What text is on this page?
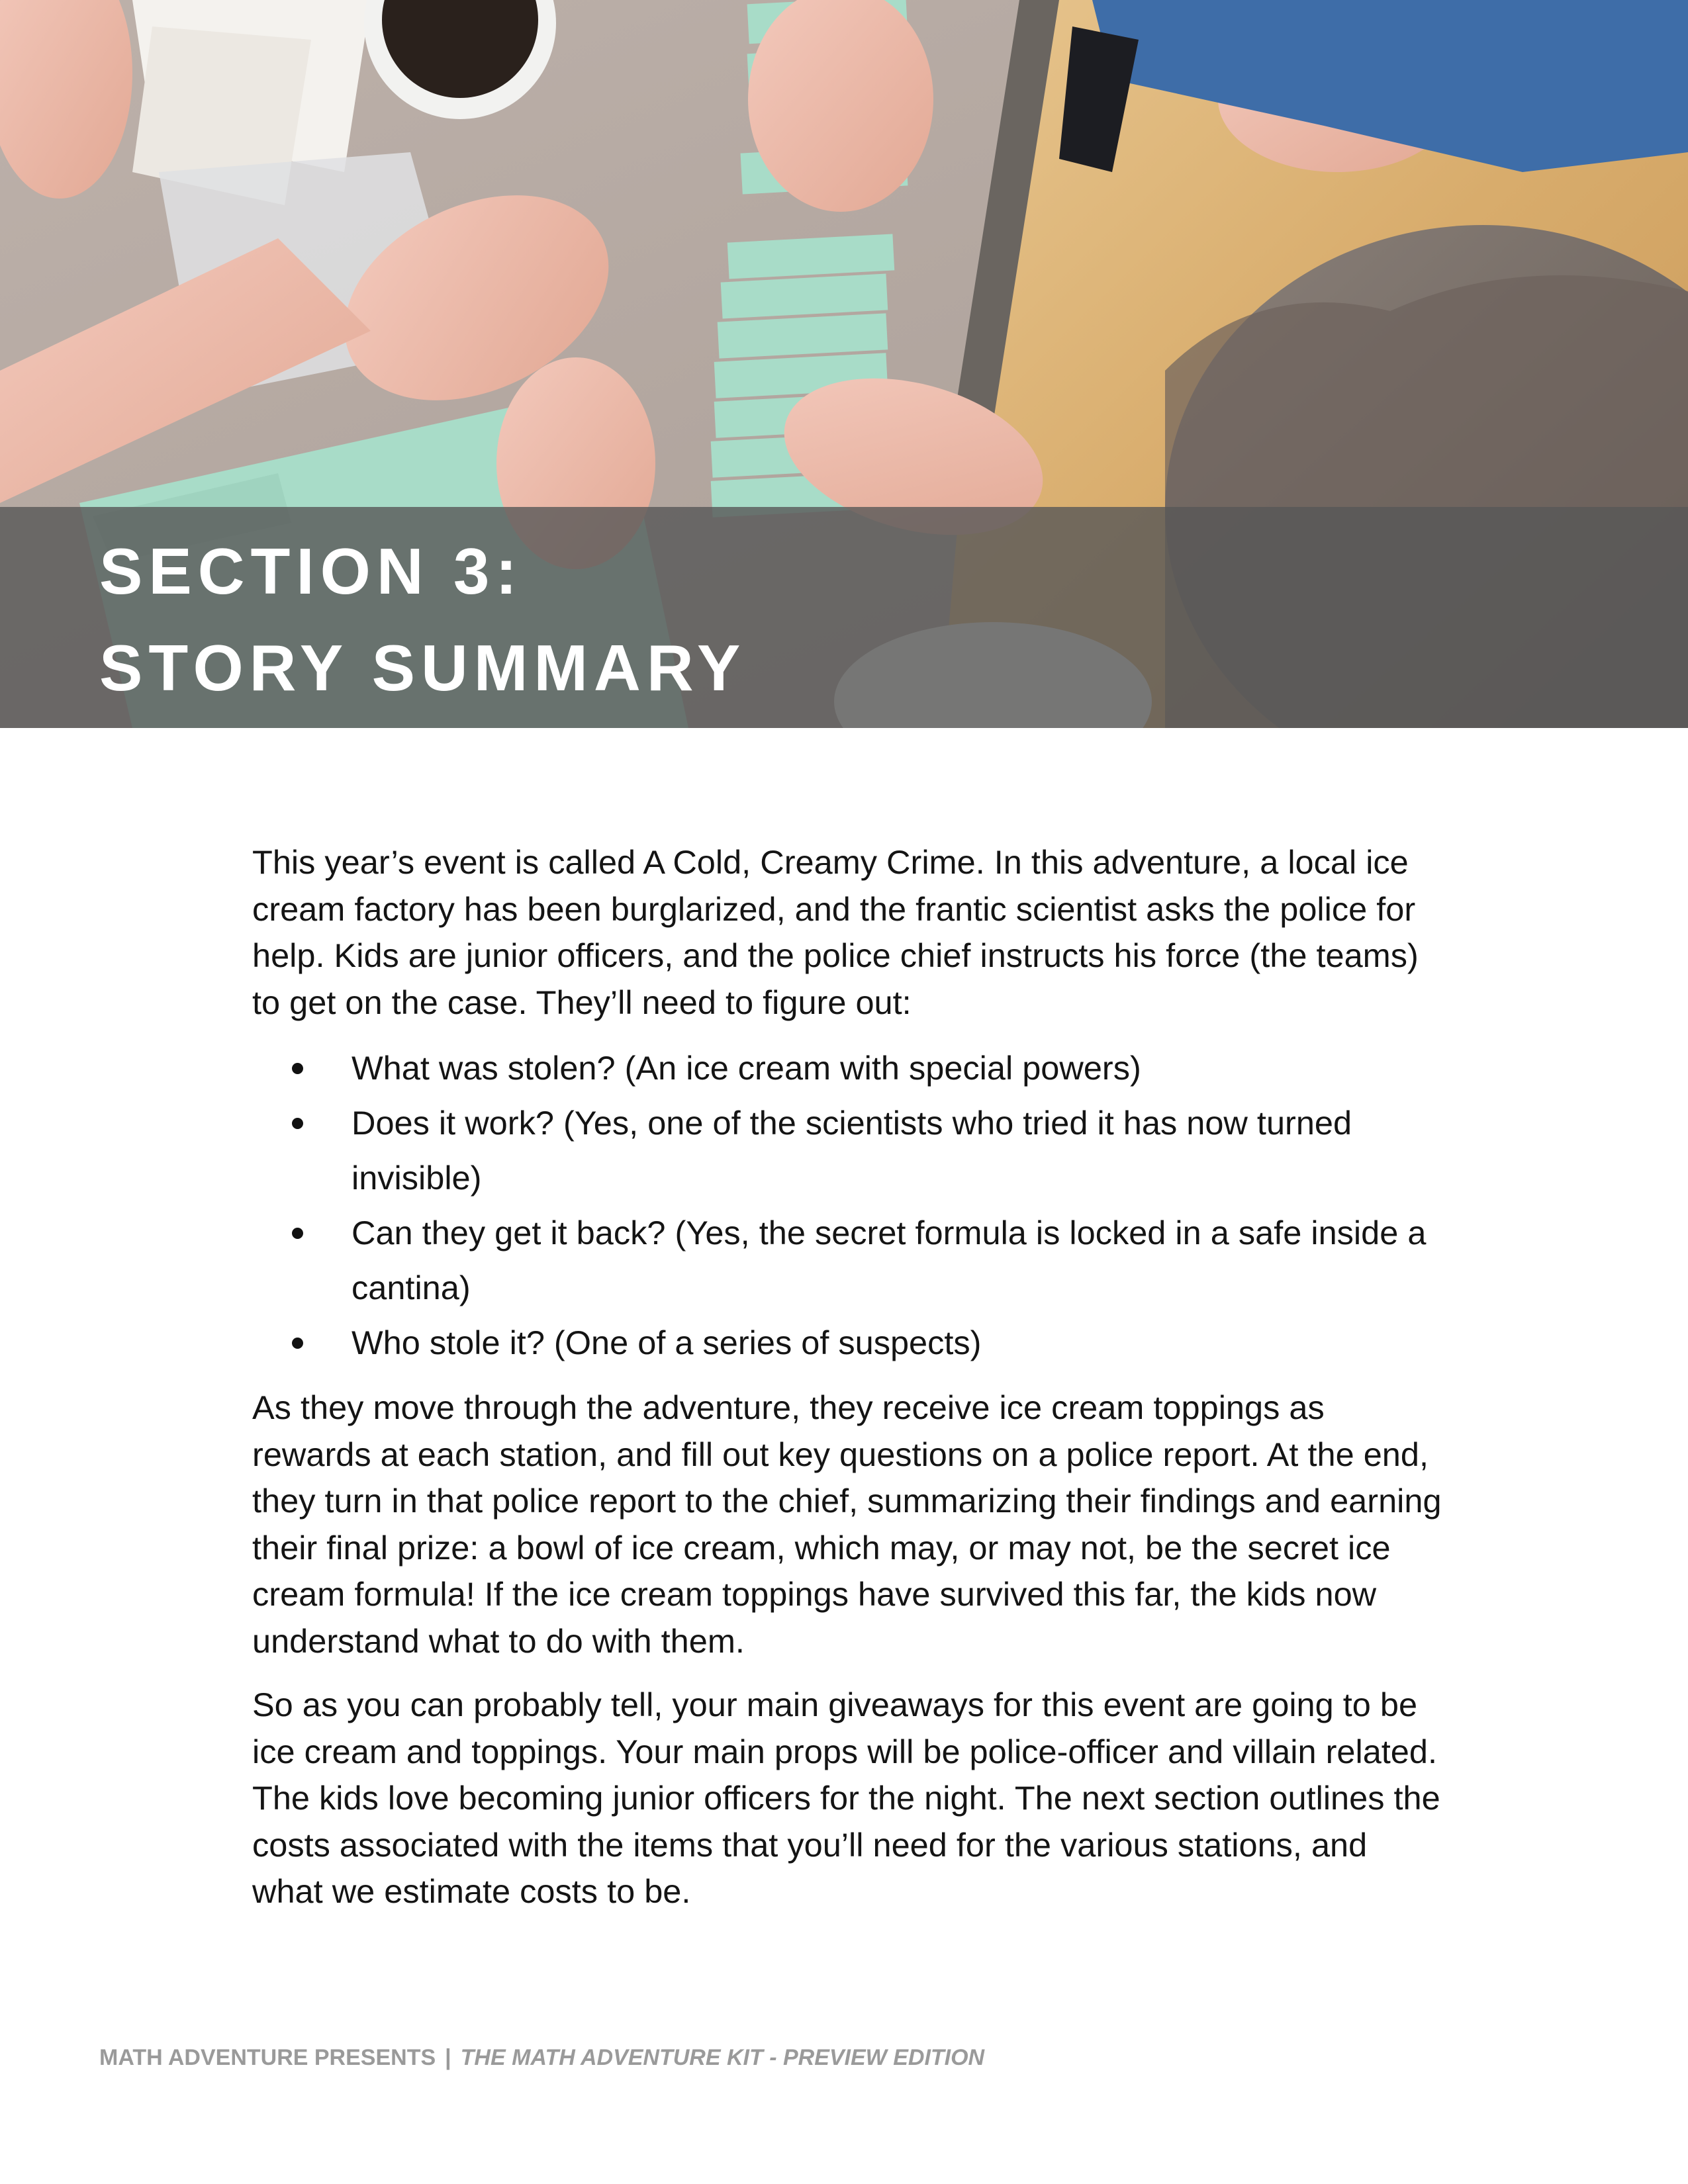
SECTION 3:
STORY SUMMARY

This year’s event is called A Cold, Creamy Crime. In this adventure, a local ice cream factory has been burglarized, and the frantic scientist asks the police for help. Kids are junior officers, and the police chief instructs his force (the teams) to get on the case. They’ll need to figure out:

What was stolen? (An ice cream with special powers)
Does it work? (Yes, one of the scientists who tried it has now turned invisible)
Can they get it back? (Yes, the secret formula is locked in a safe inside a cantina)
Who stole it? (One of a series of suspects)

As they move through the adventure, they receive ice cream toppings as rewards at each station, and fill out key questions on a police report. At the end, they turn in that police report to the chief, summarizing their findings and earning their final prize: a bowl of ice cream, which may, or may not, be the secret ice cream formula! If the ice cream toppings have survived this far, the kids now understand what to do with them.

So as you can probably tell, your main giveaways for this event are going to be ice cream and toppings. Your main props will be police-officer and villain related. The kids love becoming junior officers for the night. The next section outlines the costs associated with the items that you’ll need for the various stations, and what we estimate costs to be.

MATH ADVENTURE PRESENTS | THE MATH ADVENTURE KIT - PREVIEW EDITION
